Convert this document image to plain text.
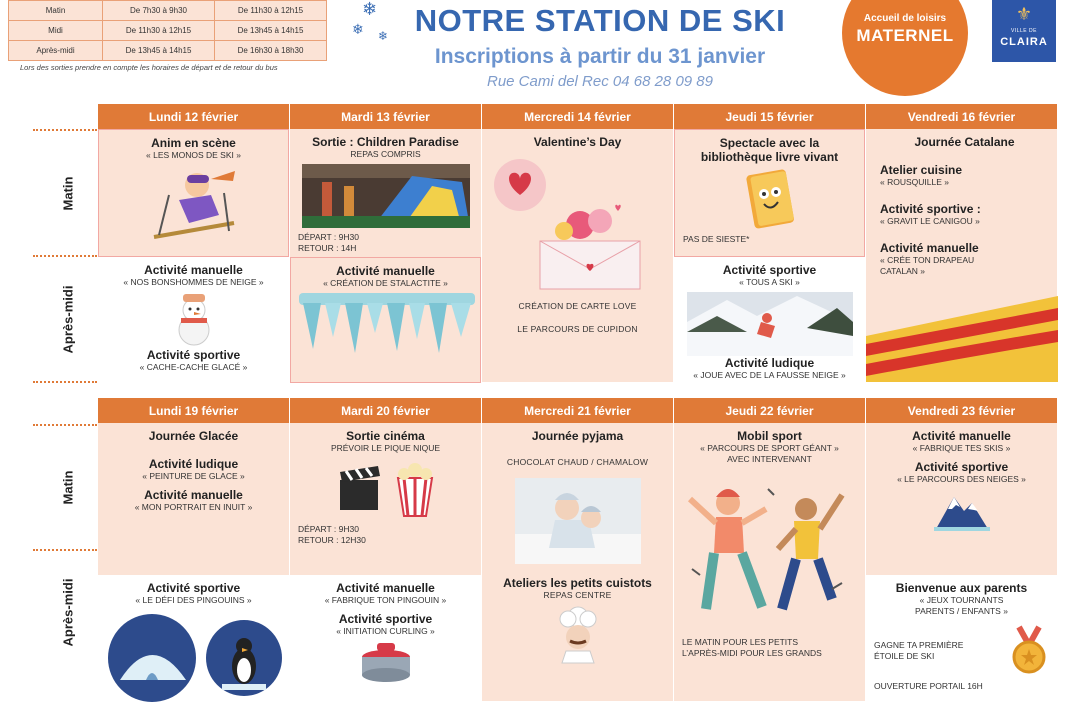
Matin	De 7h30 à 9h30	De 11h30 à 12h15
Midi	De 11h30 à 12h15	De 13h45 à 14h15
Après-midi	De 13h45 à 14h15	De 16h30 à 18h30
Lors des sorties prendre en compte les horaires de départ et de retour du bus
❄
❄ ❄ NOTRE STATION DE SKI
Inscriptions à partir du 31 janvier
Rue Cami del Rec 04 68 28 09 89
Accueil de loisirs
MATERNEL
⚜
VILLE DE
CLAIRA
Matin
Après-midi
Matin
Après-midi
Lundi 12 février
Anim en scène
« LES MONOS DE SKI »
Activité manuelle
« NOS BONSHOMMES DE NEIGE »
Activité sportive
« CACHE-CACHE GLACÉ »
Mardi 13 février
Sortie : Children Paradise
REPAS COMPRIS
DÉPART : 9H30
RETOUR : 14H
Activité manuelle
« CRÉATION DE STALACTITE »
Mercredi 14 février
Valentine’s Day
CRÉATION DE CARTE LOVE
LE PARCOURS DE CUPIDON
Jeudi 15 février
Spectacle avec la bibliothèque livre vivant
PAS DE SIESTE*
Activité sportive
« TOUS A SKI »
Activité ludique
« JOUE AVEC DE LA FAUSSE NEIGE »
Vendredi 16 février
Journée Catalane
Atelier cuisine
« ROUSQUILLE »
Activité sportive :
« GRAVIT LE CANIGOU »
Activité manuelle
« CRÉE TON DRAPEAU CATALAN »
Lundi 19 février
Journée Glacée
Activité ludique
« PEINTURE DE GLACE »
Activité manuelle
« MON PORTRAIT EN INUIT »
Activité sportive
« LE DÉFI DES PINGOUINS »
Mardi 20 février
Sortie cinéma
PRÉVOIR LE PIQUE NIQUE
DÉPART : 9H30
RETOUR : 12H30
Activité manuelle
« FABRIQUE TON PINGOUIN »
Activité sportive
« INITIATION CURLING »
Mercredi 21 février
Journée pyjama
CHOCOLAT CHAUD / CHAMALOW
Ateliers les petits cuistots
REPAS CENTRE
Jeudi 22 février
Mobil sport
« PARCOURS DE SPORT GÉANT »
AVEC INTERVENANT
LE MATIN POUR LES PETITS
L’APRÈS-MIDI POUR LES GRANDS
Vendredi 23 février
Activité manuelle
« FABRIQUE TES SKIS »
Activité sportive
« LE PARCOURS DES NEIGES »
Bienvenue aux parents
« JEUX TOURNANTS
PARENTS / ENFANTS »
GAGNE TA PREMIÈRE
ÉTOILE DE SKI
OUVERTURE PORTAIL 16H
